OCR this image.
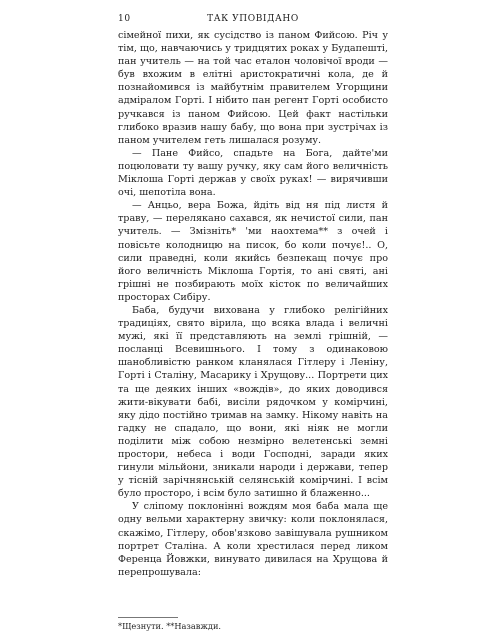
10	ТАК УПОВІДАНО

сімейної пихи, як сусідство із паном Фийсою. Річ у тім, що, навчаючись у тридцятих роках у Будапешті, пан учитель — на той час еталон чоловічої вроди — був вхожим в елітні аристократичні кола, де й познайомився із майбутнім правителем Угорщини адміралом Горті. І нібито пан регент Горті особисто ручкався із паном Фийсою. Цей факт настільки глибоко вразив нашу бабу, що вона при зустрічах із паном учителем геть лишалася розуму.

— Пане Фийсо, спадьте на Бога, дайте'ми поцюловати ту вашу ручку, яку сам його величність Міклоша Горті держав у своїх руках! — вирячивши очі, шепотіла вона.

— Анцьо, вера Божа, йдіть від ня під листя й траву, — перелякано сахався, як нечистої сили, пан учитель. — Змізніть* 'ми наохтема** з очей і повісьте колодницю на писок, бо коли почує!.. О, сили праведні, коли якийсь безпекащ почує про його величність Міклоша Гортія, то ані святі, ані грішні не позбирають моїх кісток по величайших просторах Сибіру.

Баба, будучи вихована у глибоко релігійних традиціях, свято вірила, що всяка влада і величні мужі, які її представляють на землі грішній, — посланці Всевишнього. І тому з одинаковою шанобливістю ранком кланялася Гітлеру і Леніну, Горті і Сталіну, Масарику і Хрущову... Портрети цих та ще деяких інших «вождів», до яких доводився жити-вікувати бабі, висіли рядочком у комірчині, яку дідо постійно тримав на замку. Нікому навіть на гадку не спадало, що вони, які ніяк не могли поділити між собою незмірно велетенські земні простори, небеса і води Господні, заради яких гинули мільйони, зникали народи і держави, тепер у тісній зарічнянській селянській комірчині. І всім було просторо, і всім було затишно й блаженно...

У сліпому поклонінні вождям моя баба мала ще одну вельми характерну звичку: коли поклонялася, скажімо, Гітлеру, обов'язково завішувала рушником портрет Сталіна. А коли хрестилася перед ликом Ференца Йовжки, винувато дивилася на Хрущова й перепрошувала:

*Щезнути. **Назавжди.
